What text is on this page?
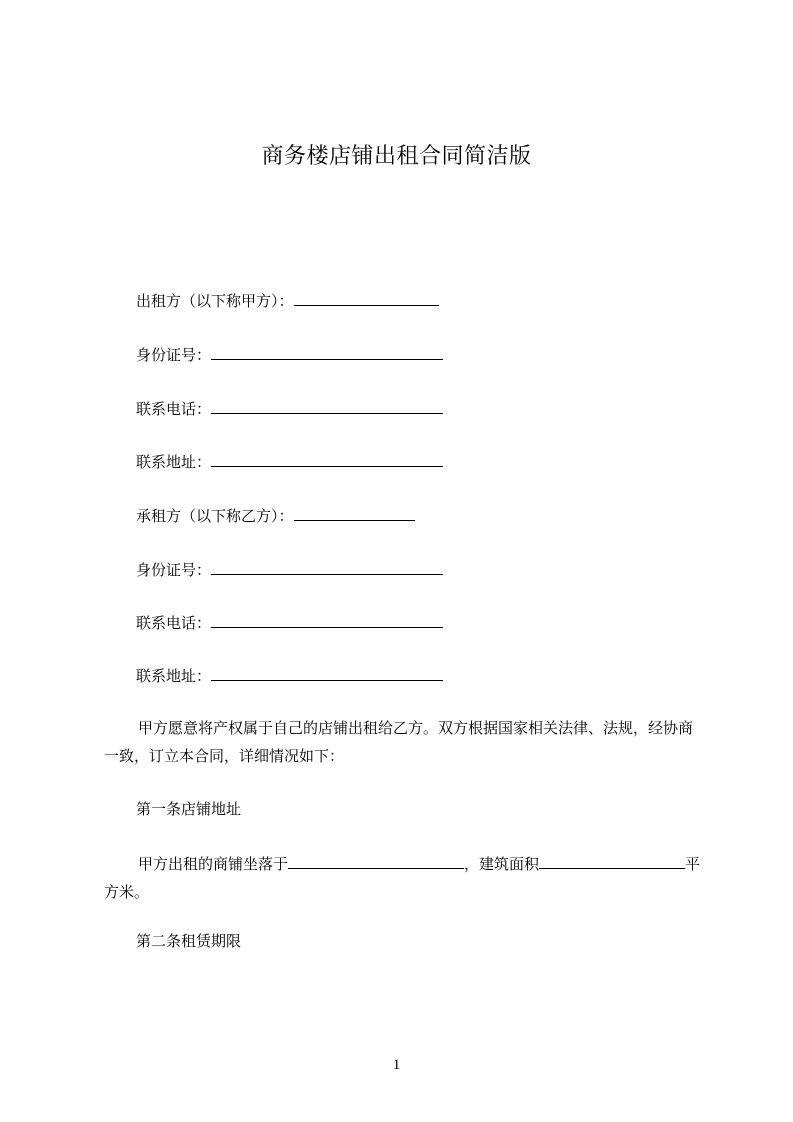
商务楼店铺出租合同简洁版
出租方（以下称甲方）：
身份证号：
联系电话：
联系地址：
承租方（以下称乙方）：
身份证号：
联系电话：
联系地址：
甲方愿意将产权属于自己的店铺出租给乙方。双方根据国家相关法律、法规，经协商一致，订立本合同，详细情况如下：
第一条店铺地址
甲方出租的商铺坐落于	，建筑面积	平方米。
第二条租赁期限
1
